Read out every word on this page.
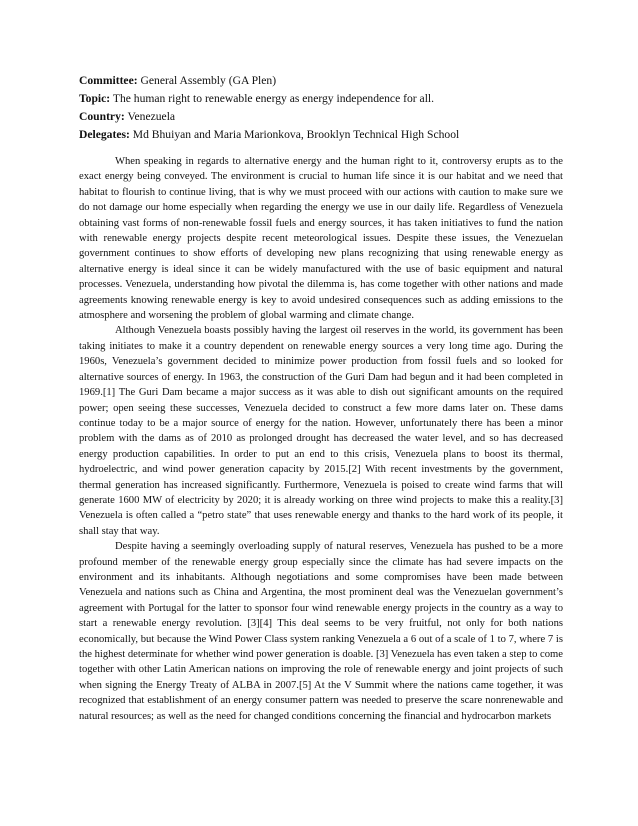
Committee: General Assembly (GA Plen)
Topic: The human right to renewable energy as energy independence for all.
Country: Venezuela
Delegates: Md Bhuiyan and Maria Marionkova, Brooklyn Technical High School

When speaking in regards to alternative energy and the human right to it, controversy erupts as to the exact energy being conveyed. The environment is crucial to human life since it is our habitat and we need that habitat to flourish to continue living, that is why we must proceed with our actions with caution to make sure we do not damage our home especially when regarding the energy we use in our daily life. Regardless of Venezuela obtaining vast forms of non-renewable fossil fuels and energy sources, it has taken initiatives to fund the nation with renewable energy projects despite recent meteorological issues. Despite these issues, the Venezuelan government continues to show efforts of developing new plans recognizing that using renewable energy as alternative energy is ideal since it can be widely manufactured with the use of basic equipment and natural processes. Venezuela, understanding how pivotal the dilemma is, has come together with other nations and made agreements knowing renewable energy is key to avoid undesired consequences such as adding emissions to the atmosphere and worsening the problem of global warming and climate change.

Although Venezuela boasts possibly having the largest oil reserves in the world, its government has been taking initiates to make it a country dependent on renewable energy sources a very long time ago. During the 1960s, Venezuela’s government decided to minimize power production from fossil fuels and so looked for alternative sources of energy. In 1963, the construction of the Guri Dam had begun and it had been completed in 1969.[1] The Guri Dam became a major success as it was able to dish out significant amounts on the required power; open seeing these successes, Venezuela decided to construct a few more dams later on. These dams continue today to be a major source of energy for the nation. However, unfortunately there has been a minor problem with the dams as of 2010 as prolonged drought has decreased the water level, and so has decreased energy production capabilities. In order to put an end to this crisis, Venezuela plans to boost its thermal, hydroelectric, and wind power generation capacity by 2015.[2] With recent investments by the government, thermal generation has increased significantly. Furthermore, Venezuela is poised to create wind farms that will generate 1600 MW of electricity by 2020; it is already working on three wind projects to make this a reality.[3] Venezuela is often called a “petro state” that uses renewable energy and thanks to the hard work of its people, it shall stay that way.

Despite having a seemingly overloading supply of natural reserves, Venezuela has pushed to be a more profound member of the renewable energy group especially since the climate has had severe impacts on the environment and its inhabitants. Although negotiations and some compromises have been made between Venezuela and nations such as China and Argentina, the most prominent deal was the Venezuelan government’s agreement with Portugal for the latter to sponsor four wind renewable energy projects in the country as a way to start a renewable energy revolution. [3][4] This deal seems to be very fruitful, not only for both nations economically, but because the Wind Power Class system ranking Venezuela a 6 out of a scale of 1 to 7, where 7 is the highest determinate for whether wind power generation is doable. [3] Venezuela has even taken a step to come together with other Latin American nations on improving the role of renewable energy and joint projects of such when signing the Energy Treaty of ALBA in 2007.[5] At the V Summit where the nations came together, it was recognized that establishment of an energy consumer pattern was needed to preserve the scare nonrenewable and natural resources; as well as the need for changed conditions concerning the financial and hydrocarbon markets
